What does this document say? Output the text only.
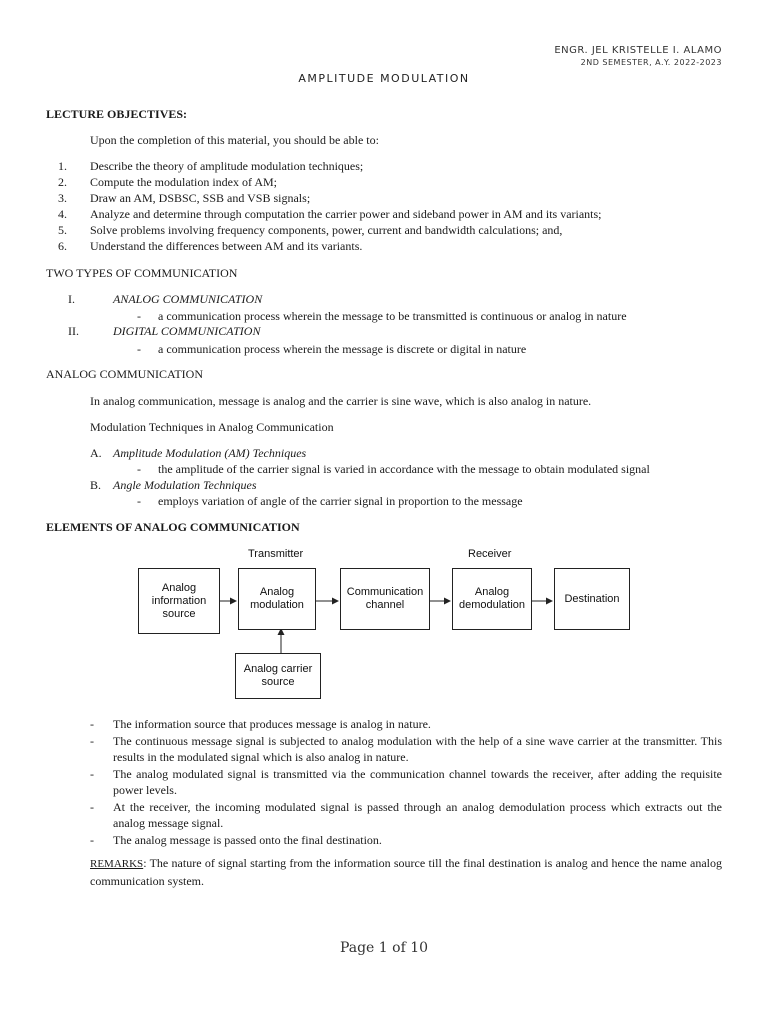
ENGR. JEL KRISTELLE I. ALAMO
2ND SEMESTER, A.Y. 2022-2023
AMPLITUDE MODULATION
LECTURE OBJECTIVES:
Upon the completion of this material, you should be able to:
1. Describe the theory of amplitude modulation techniques;
2. Compute the modulation index of AM;
3. Draw an AM, DSBSC, SSB and VSB signals;
4. Analyze and determine through computation the carrier power and sideband power in AM and its variants;
5. Solve problems involving frequency components, power, current and bandwidth calculations; and,
6. Understand the differences between AM and its variants.
TWO TYPES OF COMMUNICATION
I.	ANALOG COMMUNICATION
- a communication process wherein the message to be transmitted is continuous or analog in nature
II.	DIGITAL COMMUNICATION
- a communication process wherein the message is discrete or digital in nature
ANALOG COMMUNICATION
In analog communication, message is analog and the carrier is sine wave, which is also analog in nature.
Modulation Techniques in Analog Communication
A. Amplitude Modulation (AM) Techniques
- the amplitude of the carrier signal is varied in accordance with the message to obtain modulated signal
B. Angle Modulation Techniques
- employs variation of angle of the carrier signal in proportion to the message
ELEMENTS OF ANALOG COMMUNICATION
Transmitter	Receiver
Analog information source
Analog modulation
Communication channel
Analog demodulation
Destination
Analog carrier source

- The information source that produces message is analog in nature.

- The continuous message signal is subjected to analog modulation with the help of a sine wave carrier at the transmitter. This results in the modulated signal which is also analog in nature.

- The analog modulated signal is transmitted via the communication channel towards the receiver, after adding the requisite power levels.

- At the receiver, the incoming modulated signal is passed through an analog demodulation process which extracts out the analog message signal.

- The analog message is passed onto the final destination.

REMARKS: The nature of signal starting from the information source till the final destination is analog and hence the name analog communication system.
Page 1 of 10
